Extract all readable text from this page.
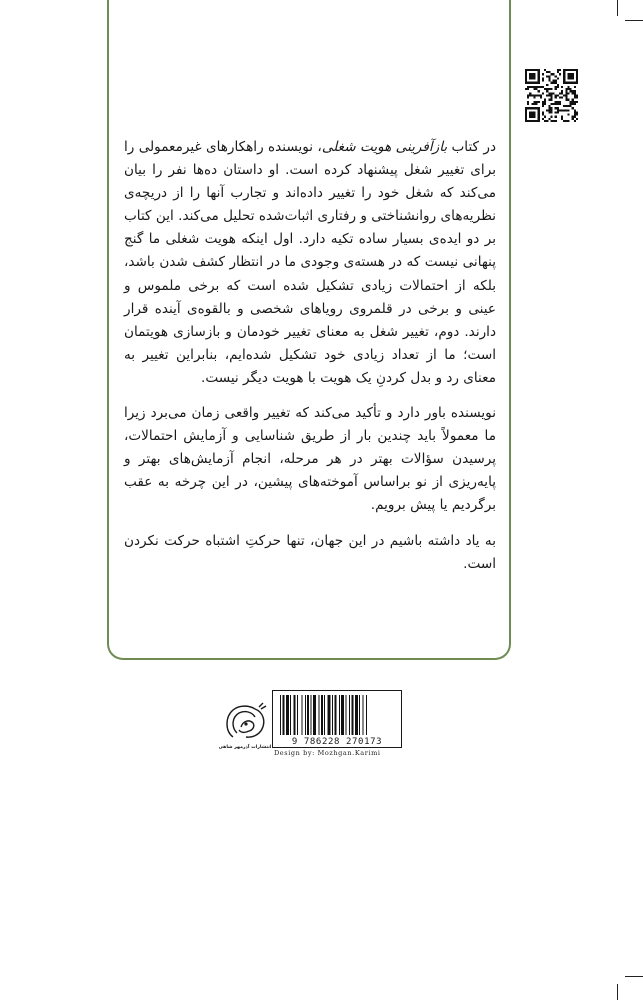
در کتاب بازآفرینی هویت شغلی، نویسنده راهکارهای غیرمعمولی را برای تغییر شغل پیشنهاد کرده است. او داستان ده‌ها نفر را بیان می‌کند که شغل خود را تغییر داده‌اند و تجارب آنها را از دریچه‌ی نظریه‌های روانشناختی و رفتاری اثبات‌شده تحلیل می‌کند. این کتاب بر دو ایده‌ی بسیار ساده تکیه دارد. اول اینکه هویت شغلی ما گنج پنهانی نیست که در هسته‌ی وجودی ما در انتظار کشف شدن باشد، بلکه از احتمالات زیادی تشکیل شده است که برخی ملموس و عینی و برخی در قلمروی رویاهای شخصی و بالقوه‌ی آینده قرار دارند. دوم، تغییر شغل به معنای تغییر خودمان و بازسازی هویتمان است؛ ما از تعداد زیادی خود تشکیل شده‌ایم، بنابراین تغییر به معنای رد و بدل کردنِ یک هویت با هویت دیگر نیست.

نویسنده باور دارد و تأکید می‌کند که تغییر واقعی زمان می‌برد زیرا ما معمولاً باید چندین بار از طریق شناسایی و آزمایش احتمالات، پرسیدن سؤالات بهتر در هر مرحله، انجام آزمایش‌های بهتر و پایه‌ریزی از نو براساس آموخته‌های پیشین، در این چرخه به عقب برگردیم یا پیش برویم.

به یاد داشته باشیم در این جهان، تنها حرکتِ اشتباه حرکت نکردن است.

انتشارات آذرمهر شاهی
9 786228 270173
Design by: Mozhgan.Karimi
